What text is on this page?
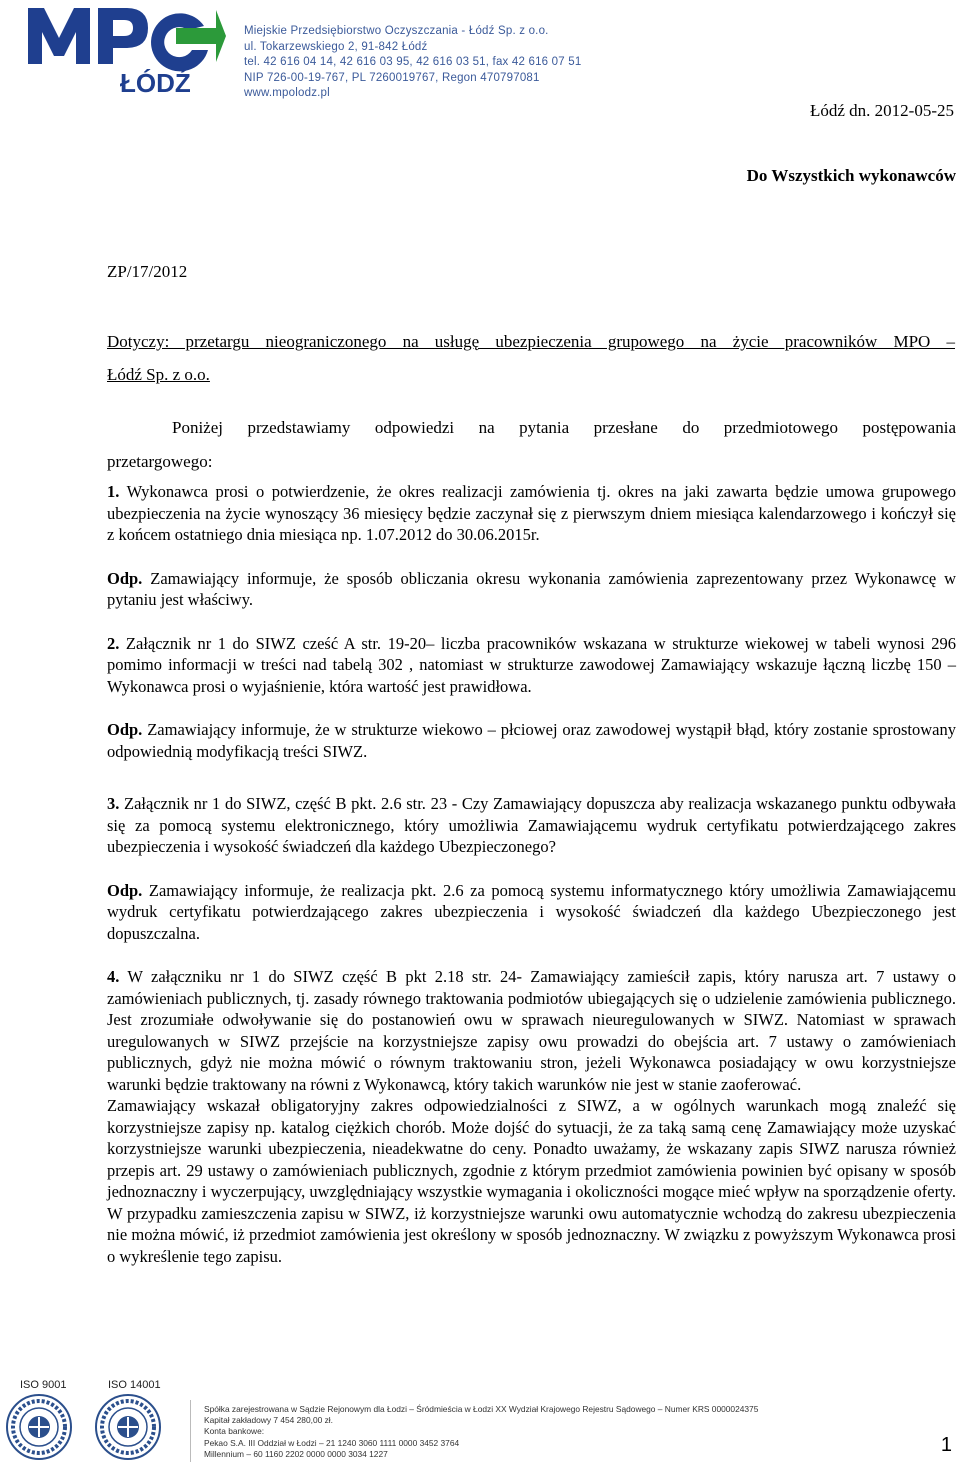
ŁÓDŹ
Miejskie Przedsiębiorstwo Oczyszczania - Łódź Sp. z o.o.
ul. Tokarzewskiego 2, 91-842 Łódź
tel. 42 616 04 14, 42 616 03 95, 42 616 03 51, fax 42 616 07 51
NIP 726-00-19-767, PL 7260019767, Regon 470797081
www.mpolodz.pl
Łódź dn. 2012-05-25
Do Wszystkich wykonawców
ZP/17/2012
Dotyczy: przetargu nieograniczonego na usługę ubezpieczenia grupowego na życie pracowników MPO –
Łódź Sp. z o.o.
Poniżej przedstawiamy odpowiedzi na pytania przesłane do przedmiotowego postępowania
przetargowego:

1. Wykonawca prosi o potwierdzenie, że okres realizacji zamówienia tj. okres na jaki zawarta będzie umowa grupowego ubezpieczenia na życie wynoszący 36 miesięcy będzie zaczynał się z pierwszym dniem miesiąca kalendarzowego i kończył się z końcem ostatniego dnia miesiąca np. 1.07.2012 do 30.06.2015r.

Odp. Zamawiający informuje, że sposób obliczania okresu wykonania zamówienia zaprezentowany przez Wykonawcę w pytaniu jest właściwy.

2. Załącznik nr 1 do SIWZ cześć A str. 19-20– liczba pracowników wskazana w strukturze wiekowej w tabeli wynosi 296 pomimo informacji w treści nad tabelą 302 , natomiast w strukturze zawodowej Zamawiający wskazuje łączną liczbę 150 – Wykonawca prosi o wyjaśnienie, która wartość jest prawidłowa.

Odp. Zamawiający informuje, że w strukturze wiekowo – płciowej oraz zawodowej wystąpił błąd, który zostanie sprostowany odpowiednią modyfikacją treści SIWZ.

3. Załącznik nr 1 do SIWZ, część B pkt. 2.6 str. 23 - Czy Zamawiający dopuszcza aby realizacja wskazanego punktu odbywała się za pomocą systemu elektronicznego, który umożliwia Zamawiającemu wydruk certyfikatu potwierdzającego zakres ubezpieczenia i wysokość świadczeń dla każdego Ubezpieczonego?

Odp. Zamawiający informuje, że realizacja pkt. 2.6 za pomocą systemu informatycznego który umożliwia Zamawiającemu wydruk certyfikatu potwierdzającego zakres ubezpieczenia i wysokość świadczeń dla każdego Ubezpieczonego jest dopuszczalna.

4. W załączniku nr 1 do SIWZ część B pkt 2.18 str. 24- Zamawiający zamieścił zapis, który narusza art. 7 ustawy o zamówieniach publicznych, tj. zasady równego traktowania podmiotów ubiegających się o udzielenie zamówienia publicznego. Jest zrozumiałe odwoływanie się do postanowień owu w sprawach nieuregulowanych w SIWZ. Natomiast w sprawach uregulowanych w SIWZ przejście na korzystniejsze zapisy owu prowadzi do obejścia art. 7 ustawy o zamówieniach publicznych, gdyż nie można mówić o równym traktowaniu stron, jeżeli Wykonawca posiadający w owu korzystniejsze warunki będzie traktowany na równi z Wykonawcą, który takich warunków nie jest w stanie zaoferować.

Zamawiający wskazał obligatoryjny zakres odpowiedzialności z SIWZ, a w ogólnych warunkach mogą znaleźć się korzystniejsze zapisy np. katalog ciężkich chorób. Może dojść do sytuacji, że za taką samą cenę Zamawiający może uzyskać korzystniejsze warunki ubezpieczenia, nieadekwatne do ceny. Ponadto uważamy, że wskazany zapis SIWZ narusza również przepis art. 29 ustawy o zamówieniach publicznych, zgodnie z którym przedmiot zamówienia powinien być opisany w sposób jednoznaczny i wyczerpujący, uwzględniający wszystkie wymagania i okoliczności mogące mieć wpływ na sporządzenie oferty. W przypadku zamieszczenia zapisu w SIWZ, iż korzystniejsze warunki owu automatycznie wchodzą do zakresu ubezpieczenia nie można mówić, iż przedmiot zamówienia jest określony w sposób jednoznaczny. W związku z powyższym Wykonawca prosi o wykreślenie tego zapisu.

ISO 9001	ISO 14001
Spółka zarejestrowana w Sądzie Rejonowym dla Łodzi – Śródmieścia w Łodzi XX Wydział Krajowego Rejestru Sądowego – Numer KRS 0000024375
Kapitał zakładowy 7 454 280,00 zł.
Konta bankowe:
Pekao S.A. III Oddział w Łodzi – 21 1240 3060 1111 0000 3452 3764
Millennium – 60 1160 2202 0000 0000 3034 1227	1
